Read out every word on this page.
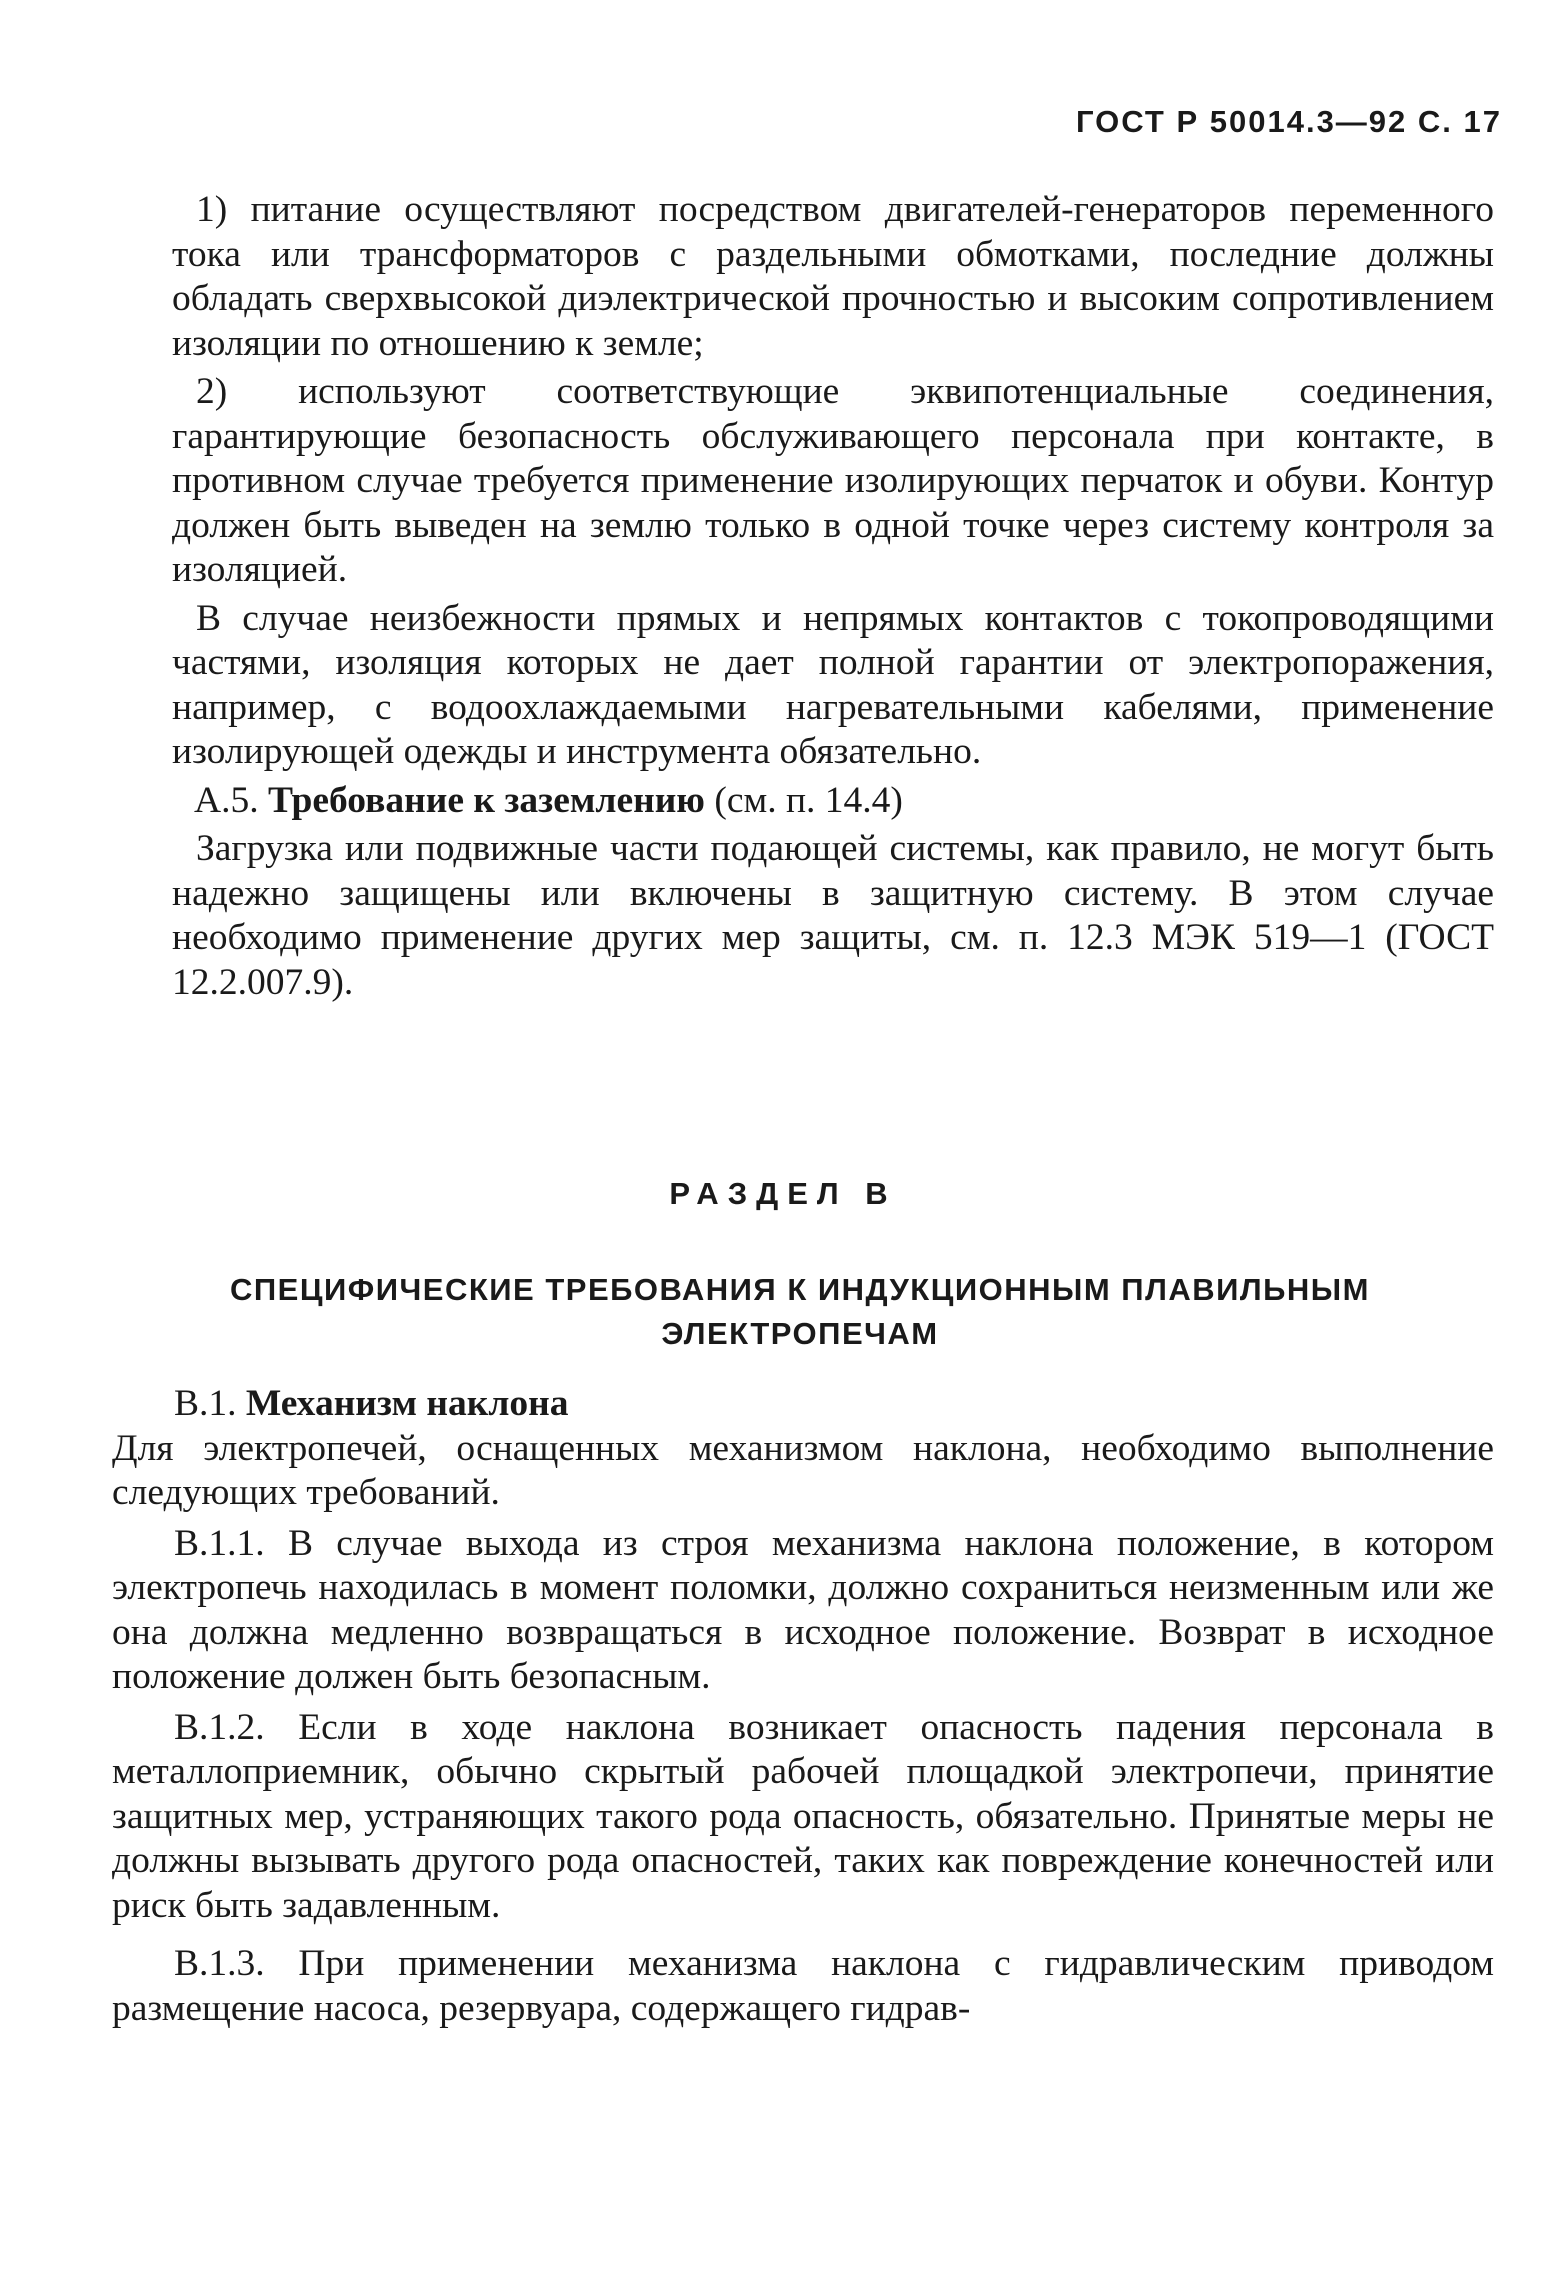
ГОСТ Р 50014.3—92 С. 17

1) питание осуществляют посредством двигателей-генераторов переменного тока или трансформаторов с раздельными обмотками, последние должны обладать сверхвысокой диэлектрической прочностью и высоким сопротивлением изоляции по отношению к земле;

2) используют соответствующие эквипотенциальные соединения, гарантирующие безопасность обслуживающего персонала при контакте, в противном случае требуется применение изолирующих перчаток и обуви. Контур должен быть выведен на землю только в одной точке через систему контроля за изоляцией.

В случае неизбежности прямых и непрямых контактов с токопроводящими частями, изоляция которых не дает полной гарантии от электропоражения, например, с водоохлаждаемыми нагревательными кабелями, применение изолирующей одежды и инструмента обязательно.

А.5. Требование к заземлению (см. п. 14.4)

Загрузка или подвижные части подающей системы, как правило, не могут быть надежно защищены или включены в защитную систему. В этом случае необходимо применение других мер защиты, см. п. 12.3 МЭК 519—1 (ГОСТ 12.2.007.9).

РАЗДЕЛ В
СПЕЦИФИЧЕСКИЕ ТРЕБОВАНИЯ К ИНДУКЦИОННЫМ ПЛАВИЛЬНЫМ
ЭЛЕКТРОПЕЧАМ

В.1. Механизм наклона

Для электропечей, оснащенных механизмом наклона, необходимо выполнение следующих требований.

В.1.1. В случае выхода из строя механизма наклона положение, в котором электропечь находилась в момент поломки, должно сохраниться неизменным или же она должна медленно возвращаться в исходное положение. Возврат в исходное положение должен быть безопасным.

В.1.2. Если в ходе наклона возникает опасность падения персонала в металлоприемник, обычно скрытый рабочей площадкой электропечи, принятие защитных мер, устраняющих такого рода опасность, обязательно. Принятые меры не должны вызывать другого рода опасностей, таких как повреждение конечностей или риск быть задавленным.

В.1.3. При применении механизма наклона с гидравлическим приводом размещение насоса, резервуара, содержащего гидрав-
